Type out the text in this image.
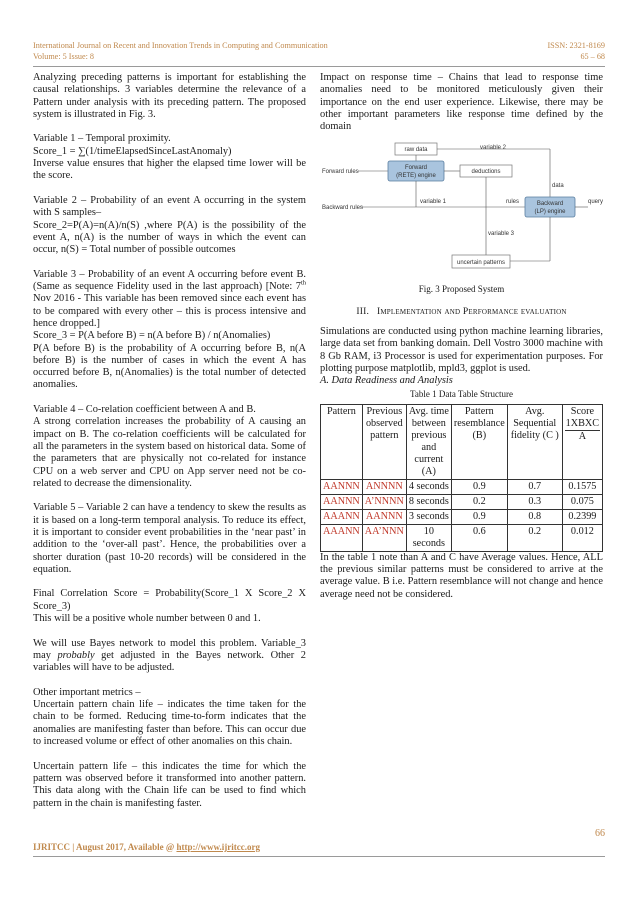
International Journal on Recent and Innovation Trends in Computing and Communication
Volume: 5 Issue: 8
ISSN: 2321-8169
65 – 68

Analyzing preceding patterns is important for establishing the causal relationships. 3 variables determine the relevance of a Pattern under analysis with its preceding pattern. The proposed system is illustrated in Fig. 3.

Variable 1 – Temporal proximity.

Score_1 = ∑(1/timeElapsedSinceLastAnomaly)

Inverse value ensures that higher the elapsed time lower will be the score.

Variable 2 – Probability of an event A occurring in the system with S samples–

Score_2=P(A)=n(A)/n(S) ,where P(A) is the possibility of the event A, n(A) is the number of ways in which the event can occur, n(S) = Total number of possible outcomes

Variable 3 – Probability of an event A occurring before event B. (Same as sequence Fidelity used in the last approach) [Note: 7th Nov 2016 - This variable has been removed since each event has to be compared with every other – this is process intensive and hence dropped.]

Score_3 = P(A before B) = n(A before B) / n(Anomalies)

P(A before B) is the probability of A occurring before B, n(A before B) is the number of cases in which the event A has occurred before B, n(Anomalies) is the total number of detected anomalies.

Variable 4 – Co-relation coefficient between A and B.

A strong correlation increases the probability of A causing an impact on B. The co-relation coefficients will be calculated for all the parameters in the system based on historical data. Some of the parameters that are physically not co-related for instance CPU on a web server and CPU on App server need not be co-related to decrease the dimensionality.

Variable 5 – Variable 2 can have a tendency to skew the results as it is based on a long-term temporal analysis. To reduce its effect, it is important to consider event probabilities in the ‘near past’ in addition to the ‘over-all past’. Hence, the probabilities over a shorter duration (past 10-20 records) will be considered in the equation.

Final Correlation Score = Probability(Score_1 X Score_2 X Score_3)

This will be a positive whole number between 0 and 1.

We will use Bayes network to model this problem. Variable_3 may probably get adjusted in the Bayes network. Other 2 variables will have to be adjusted.

Other important metrics –

Uncertain pattern chain life – indicates the time taken for the chain to be formed. Reducing time-to-form indicates that the anomalies are manifesting faster than before. This can occur due to increased volume or effect of other anomalies on this chain.

Uncertain pattern life – this indicates the time for which the pattern was observed before it transformed into another pattern. This data along with the Chain life can be used to find which pattern in the chain is manifesting faster.

Impact on response time – Chains that lead to response time anomalies need to be monitored meticulously given their importance on the end user experience. Likewise, there may be other important parameters like response time defined by the domain

raw data	variable 2
Forward rules
Forward
(RETE) engine
deductions
data
Backward rules
variable 1	rules	Backward
(LP) engine
query
variable 3
uncertain patterns
Fig. 3 Proposed System
III. Implementation and Performance evaluation

Simulations are conducted using python machine learning libraries, large data set from banking domain. Dell Vostro 3000 machine with 8 Gb RAM, i3 Processor is used for experimentation purposes. For plotting purpose matplotlib, mpld3, ggplot is used.

A. Data Readiness and Analysis

Table 1 Data Table Structure
Pattern	Previous observed pattern	Avg. time between previous and current (A)	Pattern resemblance (B)	Avg. Sequential fidelity (C )	Score 1XBXC
A

AANNN	ANNNN	4 seconds	0.9	0.7	0.1575
AANNN	A’NNNN	8 seconds	0.2	0.3	0.075
AAANN	AANNN	3 seconds	0.9	0.8	0.2399
AAANN	AA’NNN	10 seconds	0.6	0.2	0.012

In the table 1 note than A and C have Average values. Hence, ALL the previous similar patterns must be considered to arrive at the average value. B i.e. Pattern resemblance will not change and hence average need not be considered.

66
IJRITCC | August 2017, Available @ http://www.ijritcc.org
